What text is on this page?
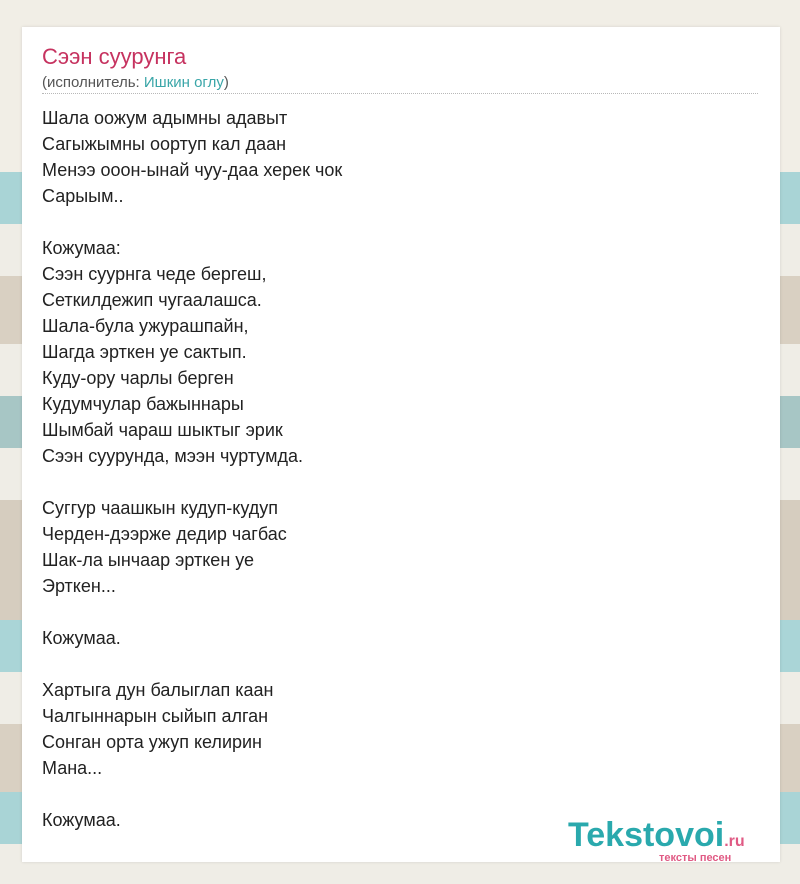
Сээн суурунга
(исполнитель: Ишкин оглу)
Шала оожум адымны адавыт
Сагыжымны оортуп кал даан
Менээ ооон-ынай чуу-даа херек чок
Сарыым..
Кожумаа:
Сээн суурнга чеде бергеш,
Сеткилдежип чугаалашса.
Шала-була ужурашпайн,
Шагда эрткен уе сактып.
Куду-ору чарлы берген
Кудумчулар бажыннары
Шымбай чараш шыктыг эрик
Сээн суурунда, мээн чуртумда.
Суггур чаашкын кудуп-кудуп
Черден-дээрже дедир чагбас
Шак-ла ынчаар эрткен уе
Эрткен...
Кожумаа.
Хартыга дун балыглап каан
Чалгыннарын сыйып алган
Сонган орта ужуп келирин
Мана...
Кожумаа.	Tekstovoi.ru
тексты песен
